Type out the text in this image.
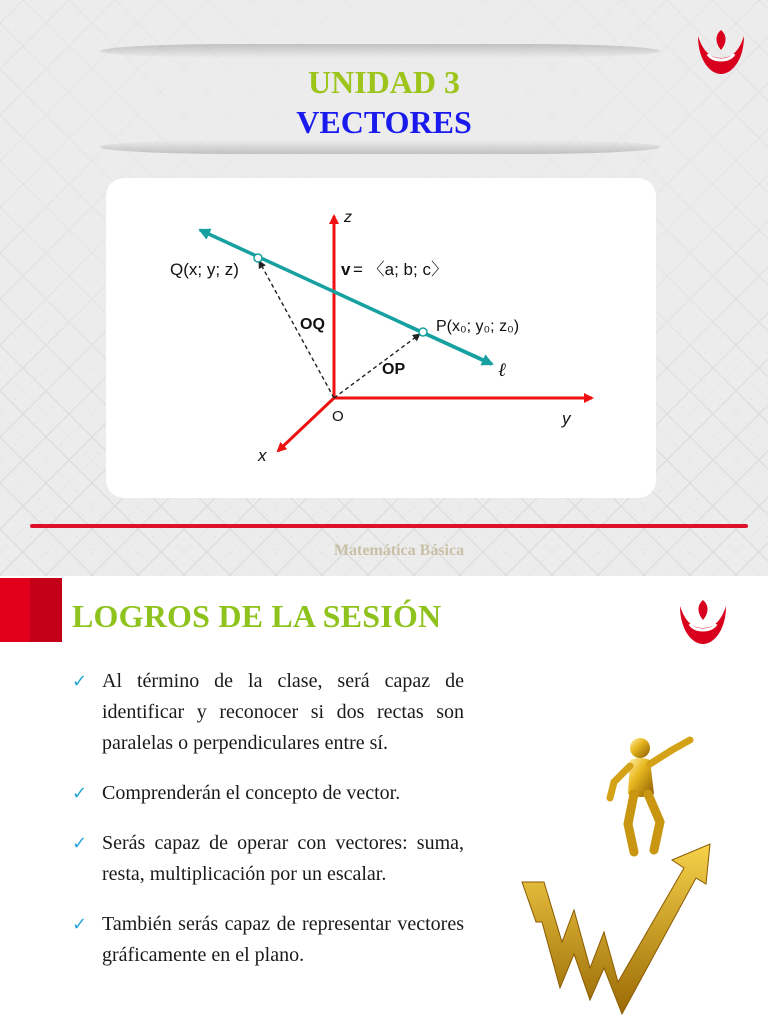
UNIDAD 3
VECTORES
z
y
x
O
Q(x; y; z)	v = 〈a; b; c〉
OQ
OP
P(x₀; y₀; z₀)
ℓ
Matemática Básica
LOGROS DE LA SESIÓN
✓ Al término de la clase, será capaz de identificar y reconocer si dos rectas son paralelas o perpendiculares entre sí.
✓ Comprenderán el concepto de vector.
✓ Serás capaz de operar con vectores: suma, resta, multiplicación por un escalar.
✓ También serás capaz de representar vectores gráficamente en el plano.
